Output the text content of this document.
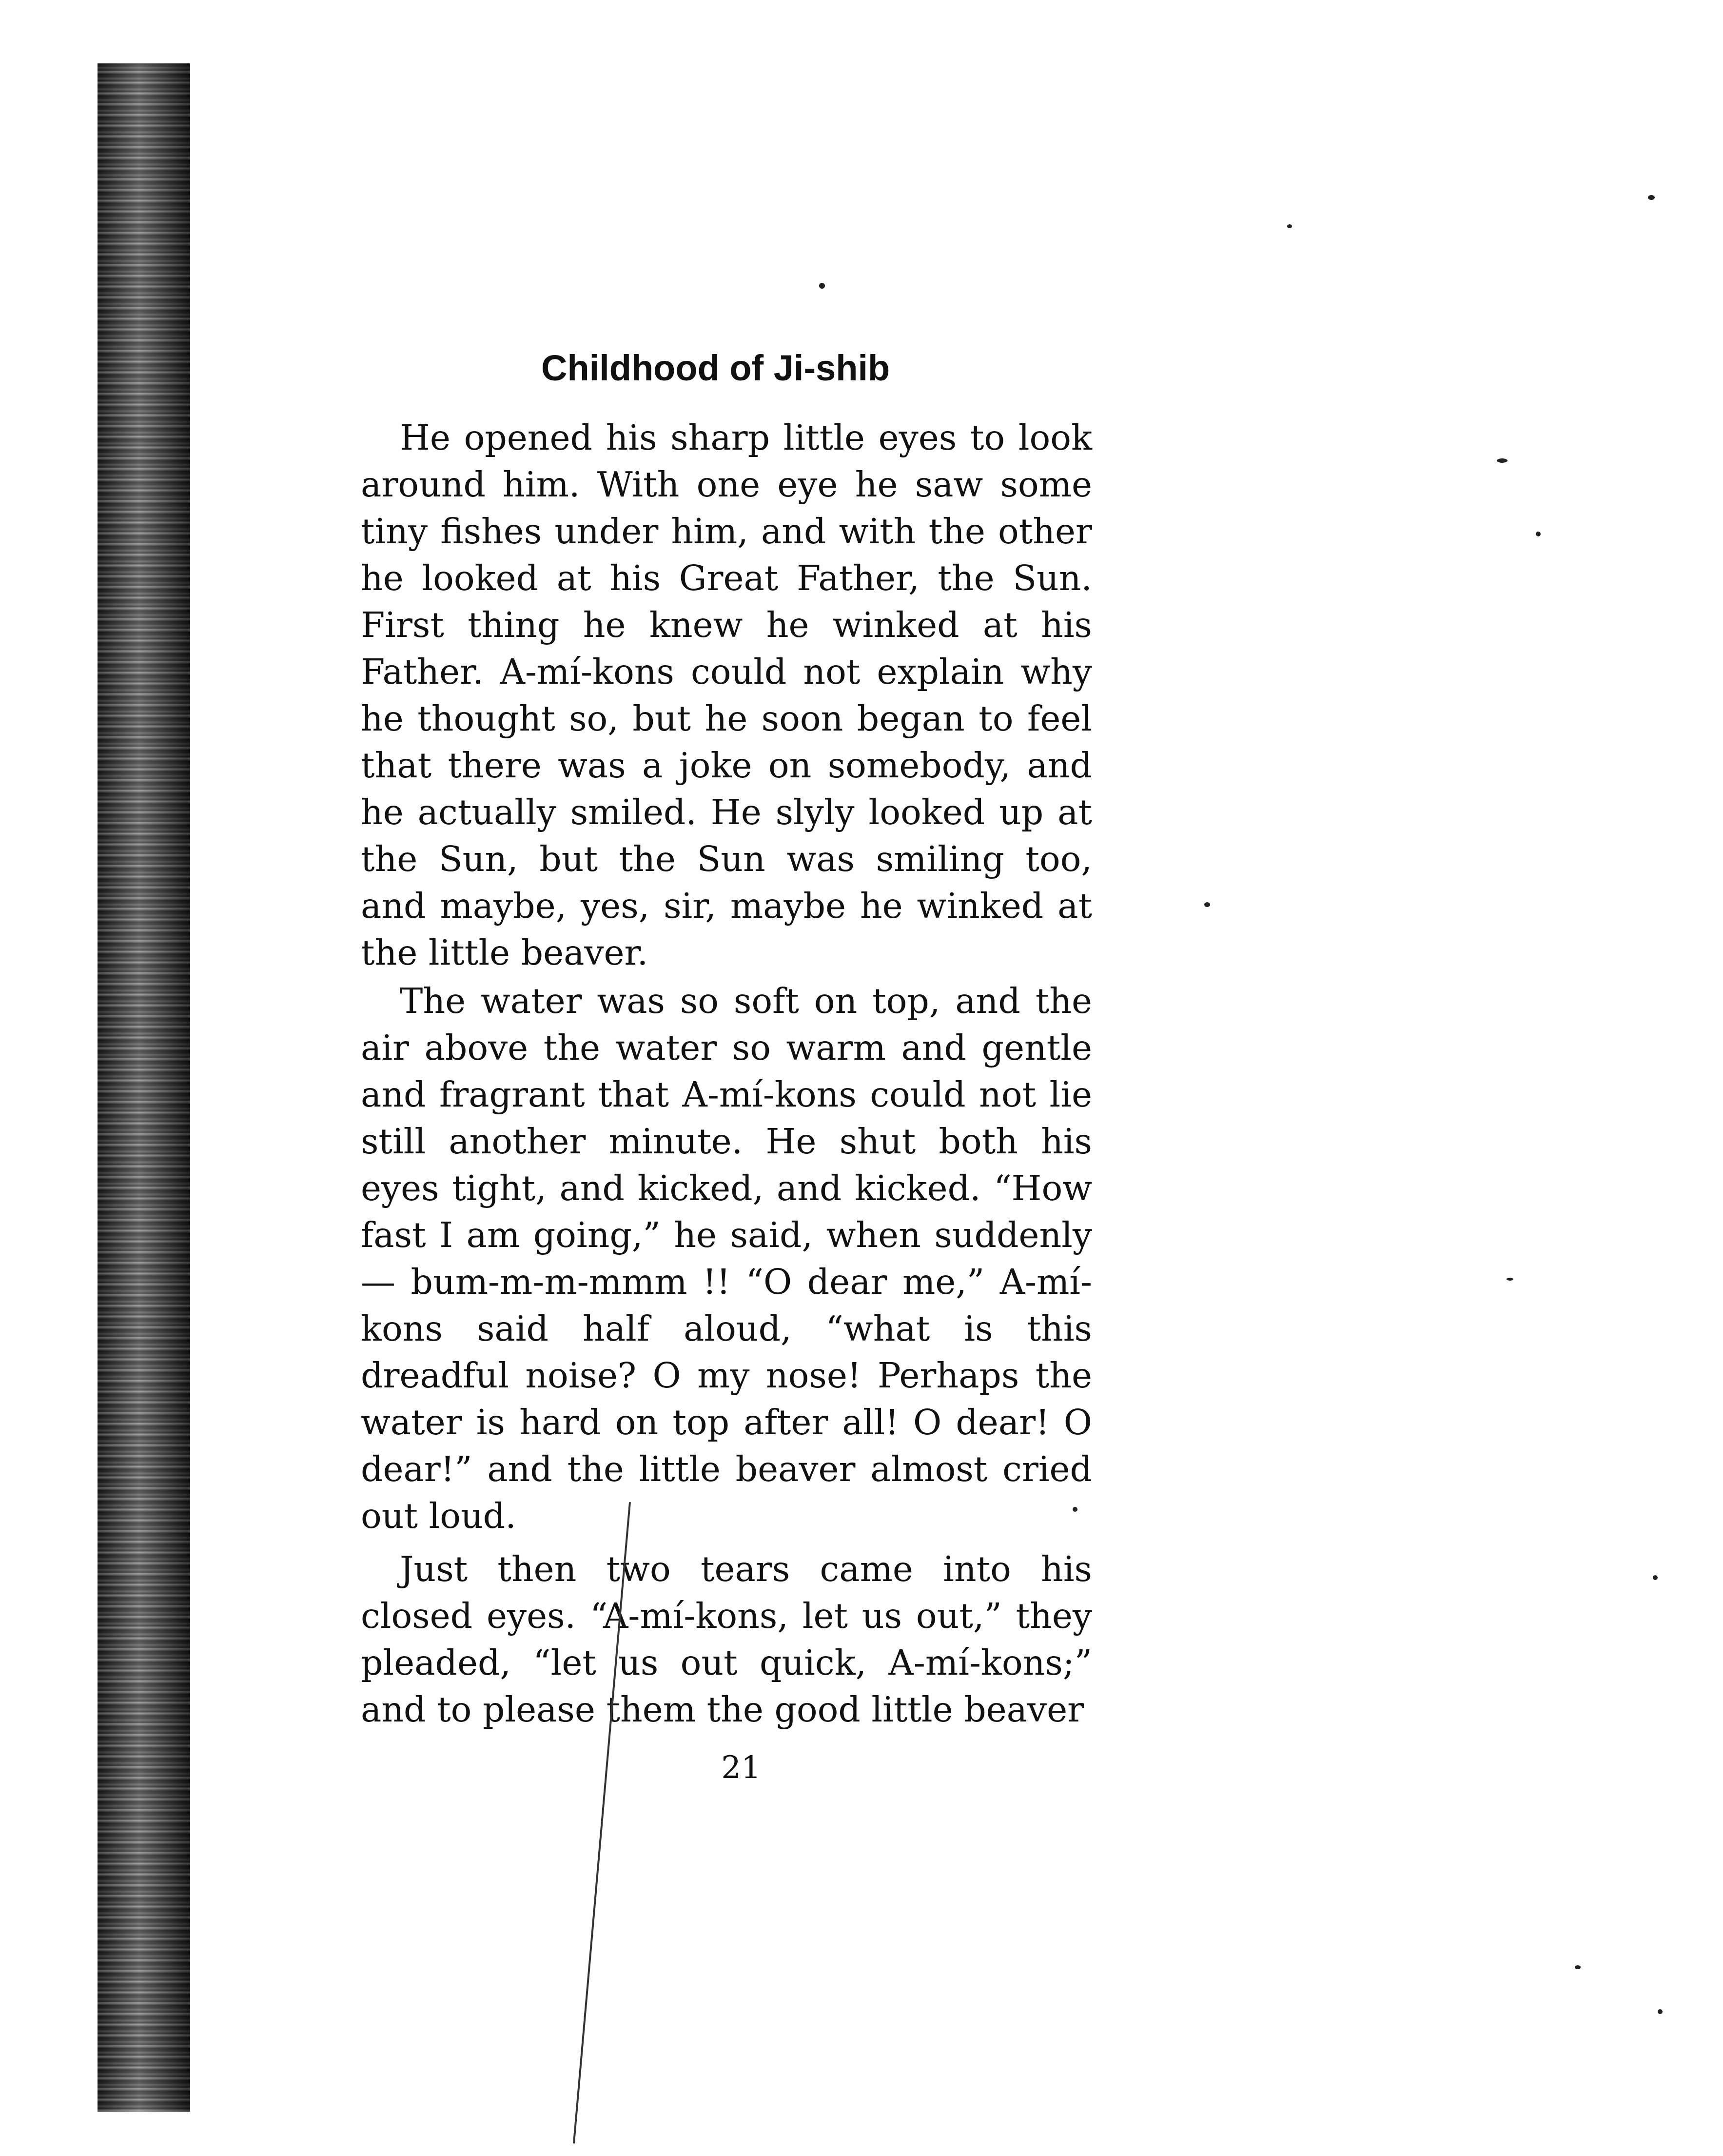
Childhood of Ji-shib

He opened his sharp little eyes to look around him. With one eye he saw some tiny fishes under him, and with the other he looked at his Great Father, the Sun. First thing he knew he winked at his Father. A-mí-kons could not explain why he thought so, but he soon began to feel that there was a joke on somebody, and he actually smiled. He slyly looked up at the Sun, but the Sun was smiling too, and maybe, yes, sir, maybe he winked at the little beaver.

The water was so soft on top, and the air above the water so warm and gentle and fragrant that A-mí-kons could not lie still another minute. He shut both his eyes tight, and kicked, and kicked. “How fast I am going,” he said, when suddenly — bum-m-m-mmm !! “O dear me,” A-mí-kons said half aloud, “what is this dreadful noise? O my nose! Perhaps the water is hard on top after all! O dear! O dear!” and the little beaver almost cried out loud.

Just then two tears came into his closed eyes. “A-mí-kons, let us out,” they pleaded, “let us out quick, A-mí-kons;” and to please them the good little beaver

21
